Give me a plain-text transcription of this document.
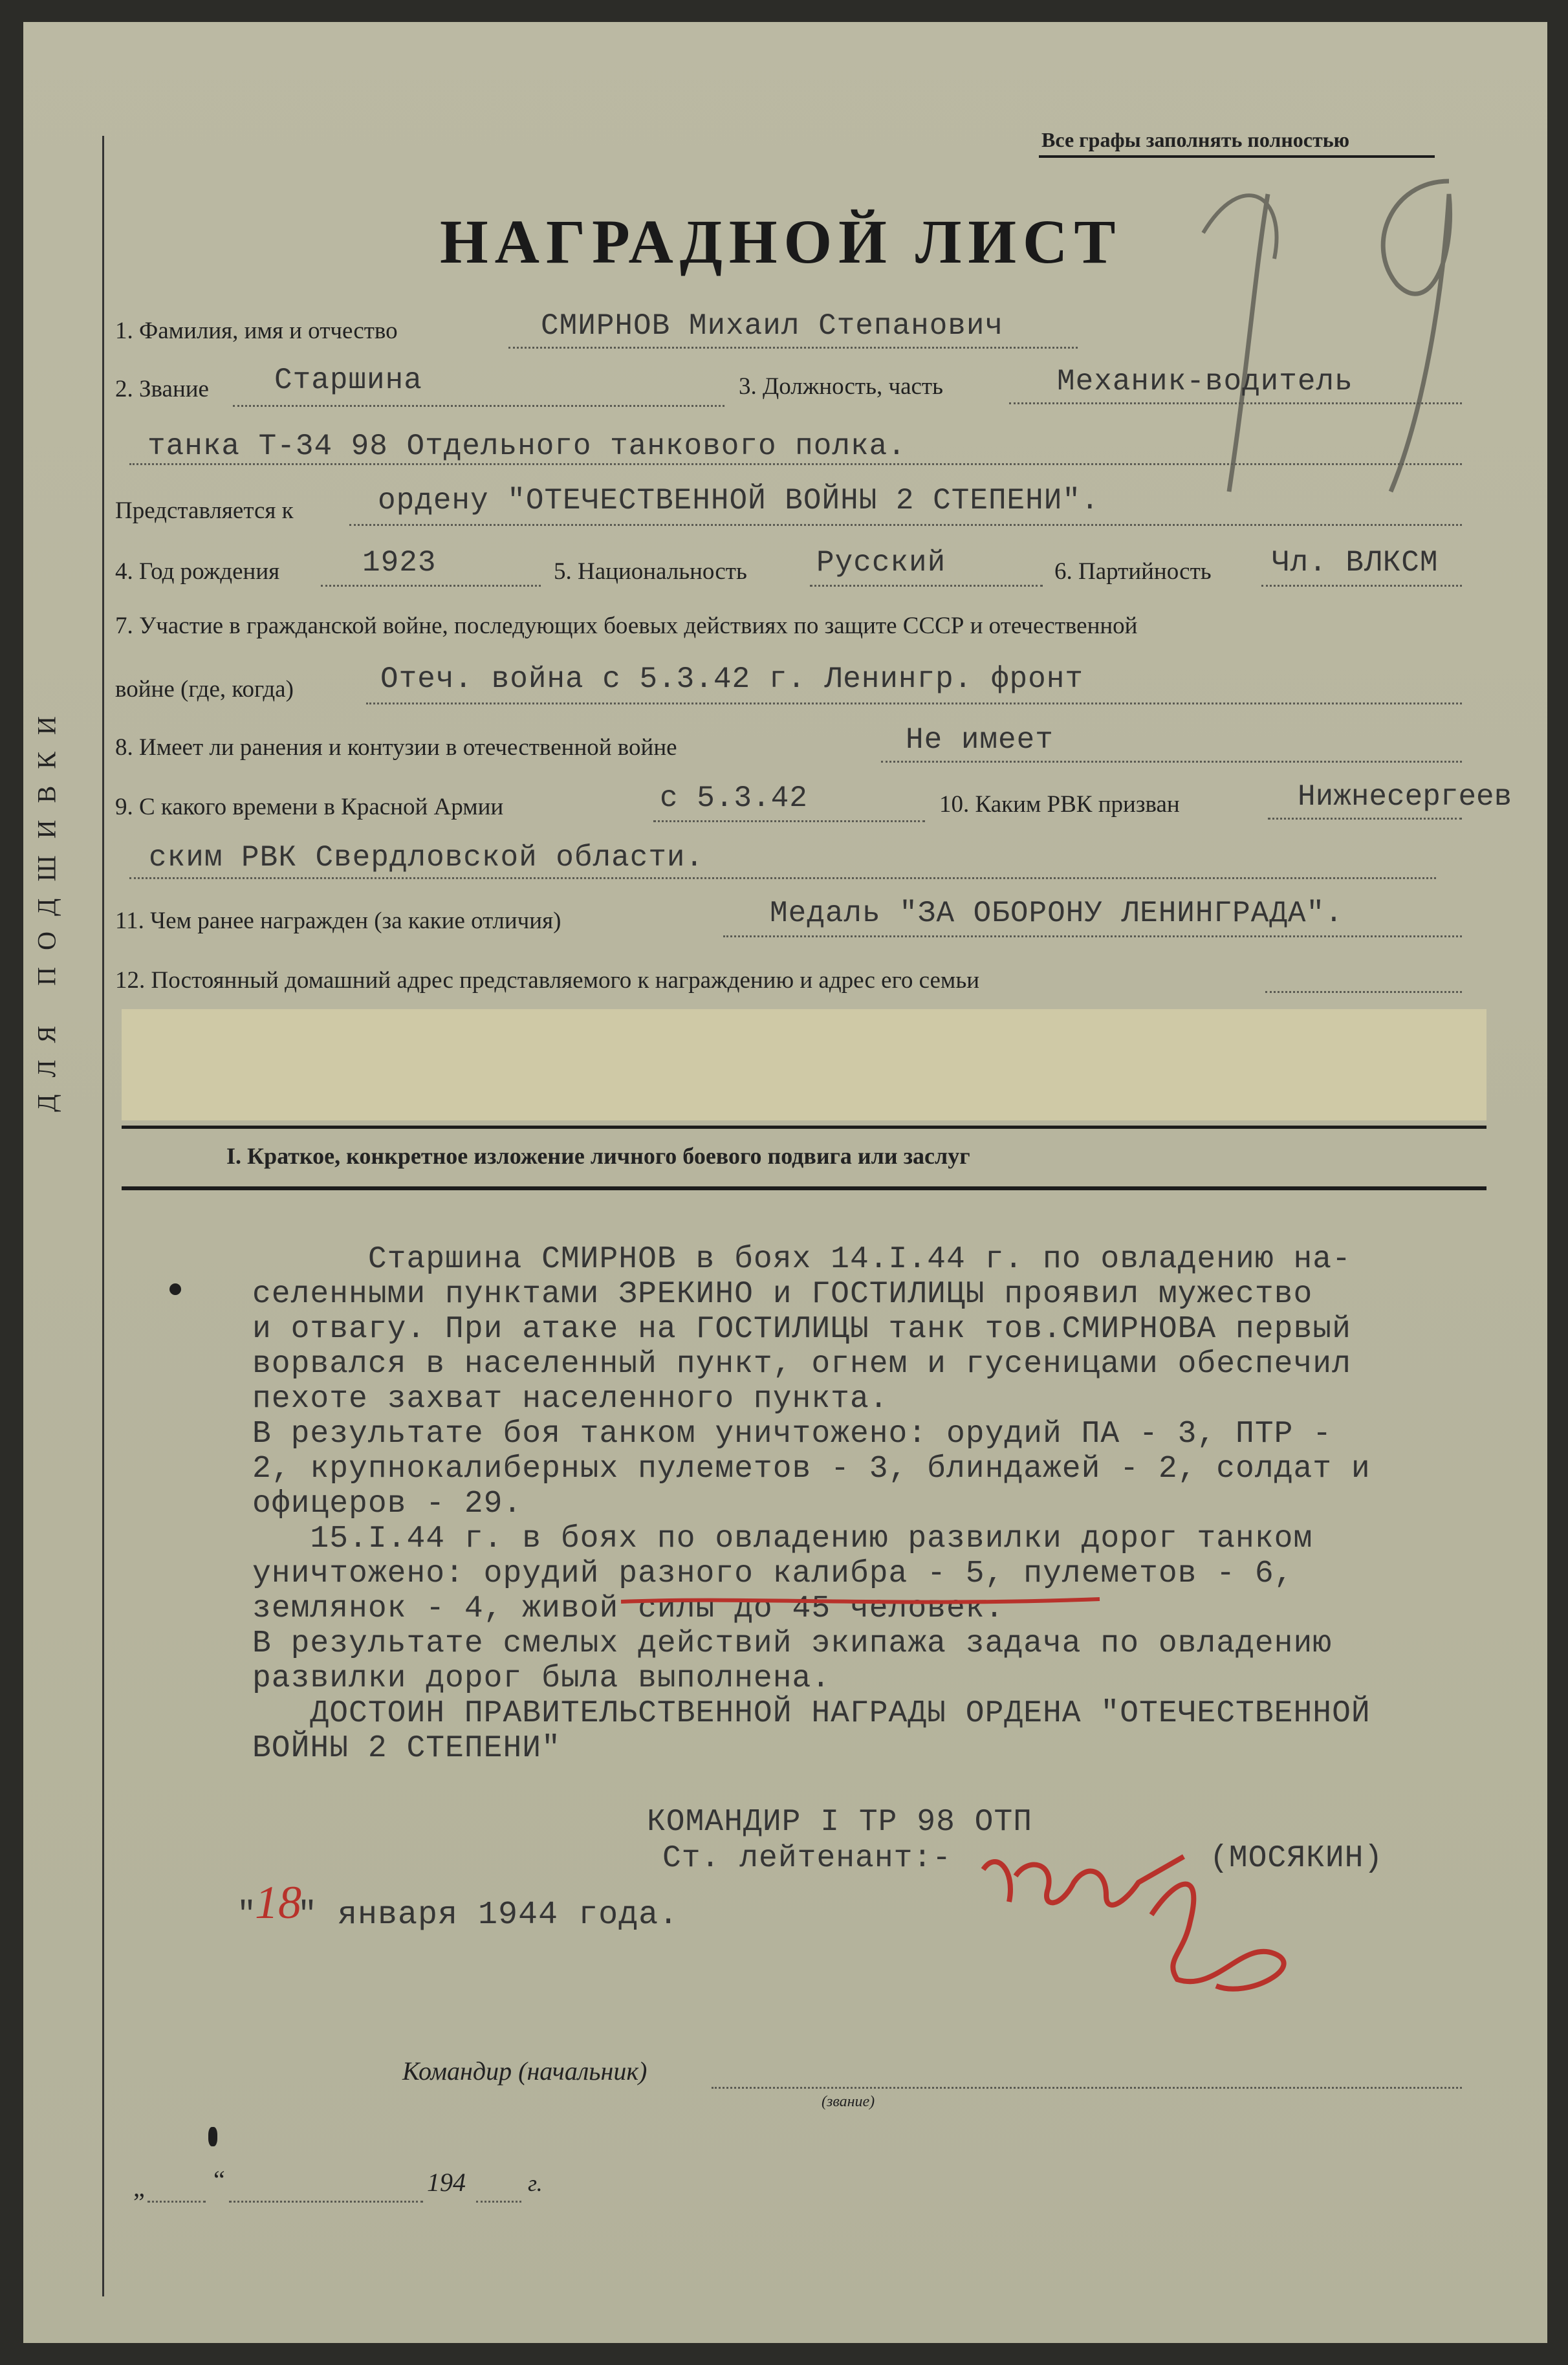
ДЛЯ ПОДШИВКИ
Все графы заполнять полностью
НАГРАДНОЙ ЛИСТ
1. Фамилия, имя и отчество	СМИРНОВ Михаил Степанович
2. Звание Старшина	3. Должность, часть	Механик-водитель
танка Т-34 98 Отдельного танкового полка.
Представляется к	ордену "ОТЕЧЕСТВЕННОЙ ВОЙНЫ 2 СТЕПЕНИ".
4. Год рождения	1923	5. Национальность Русский	6. Партийность Чл. ВЛКСМ
7. Участие в гражданской войне, последующих боевых действиях по защите СССР и отечественной
войне (где, когда)	Отеч. война с 5.3.42 г. Ленингр. фронт
8. Имеет ли ранения и контузии в отечественной войне	Не имеет
9. С какого времени в Красной Армии	с 5.3.42	10. Каким РВК призван	Нижнесергеев
ским РВК Свердловской области.
11. Чем ранее награжден (за какие отличия)	Медаль "ЗА ОБОРОНУ ЛЕНИНГРАДА".
12. Постоянный домашний адрес представляемого к награждению и адрес его семьи
I. Краткое, конкретное изложение личного боевого подвига или заслуг
Старшина СМИРНОВ в боях 14.I.44 г. по овладению на-
селенными пунктами ЗРЕКИНО и ГОСТИЛИЦЫ проявил мужество
и отвагу. При атаке на ГОСТИЛИЦЫ танк тов.СМИРНОВА первый
ворвался в населенный пункт, огнем и гусеницами обеспечил
пехоте захват населенного пункта.
В результате боя танком уничтожено: орудий ПА - 3, ПТР -
2, крупнокалиберных пулеметов - 3, блиндажей - 2, солдат и
офицеров - 29.
15.I.44 г. в боях по овладению развилки дорог танком
уничтожено: орудий разного калибра - 5, пулеметов - 6,
землянок - 4, живой силы до 45 человек.
В результате смелых действий экипажа задача по овладению
развилки дорог была выполнена.
ДОСТОИН ПРАВИТЕЛЬСТВЕННОЙ НАГРАДЫ ОРДЕНА "ОТЕЧЕСТВЕННОЙ
ВОЙНЫ 2 СТЕПЕНИ"
КОМАНДИР I ТР 98 ОТП
Ст. лейтенант:-	(МОСЯКИН)
"
18
" января 1944 года.
Командир (начальник)
(звание)
„	“	194	г.
